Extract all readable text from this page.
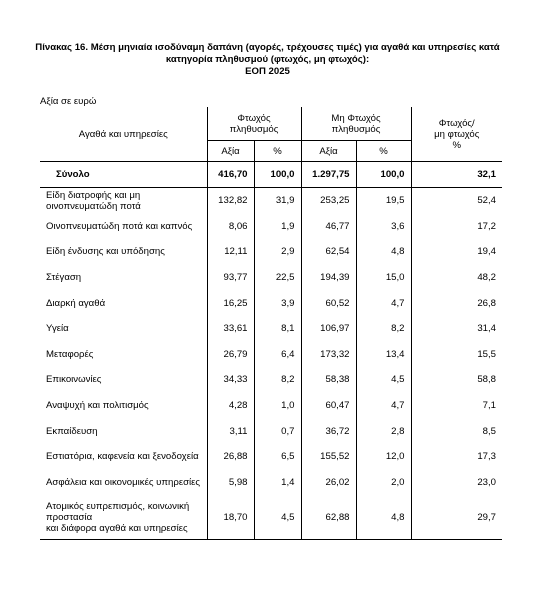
Πίνακας 16. Μέση μηνιαία ισοδύναμη δαπάνη (αγορές, τρέχουσες τιμές) για αγαθά και υπηρεσίες κατά
κατηγορία πληθυσμού (φτωχός, μη φτωχός):
ΕΟΠ 2025
Αξία σε ευρώ
Αγαθά και υπηρεσίες	Φτωχός πληθυσμός		Μη Φτωχός πληθυσμός		Φτωχός/
μη φτωχός
%
	Αξία	%	Αξία	%	
Σύνολο	416,70	100,0	1.297,75	100,0	32,1
Είδη διατροφής και μη οινοπνευματώδη ποτά	132,82	31,9	253,25	19,5	52,4
Οινοπνευματώδη ποτά και καπνός	8,06	1,9	46,77	3,6	17,2
Είδη ένδυσης και υπόδησης	12,11	2,9	62,54	4,8	19,4
Στέγαση	93,77	22,5	194,39	15,0	48,2
Διαρκή αγαθά	16,25	3,9	60,52	4,7	26,8
Υγεία	33,61	8,1	106,97	8,2	31,4
Μεταφορές	26,79	6,4	173,32	13,4	15,5
Επικοινωνίες	34,33	8,2	58,38	4,5	58,8
Αναψυχή και πολιτισμός	4,28	1,0	60,47	4,7	7,1
Εκπαίδευση	3,11	0,7	36,72	2,8	8,5
Εστιατόρια, καφενεία και ξενοδοχεία	26,88	6,5	155,52	12,0	17,3
Ασφάλεια και οικονομικές υπηρεσίες	5,98	1,4	26,02	2,0	23,0
Ατομικός ευπρεπισμός, κοινωνική προστασία
και διάφορα αγαθά και υπηρεσίες	18,70	4,5	62,88	4,8	29,7
